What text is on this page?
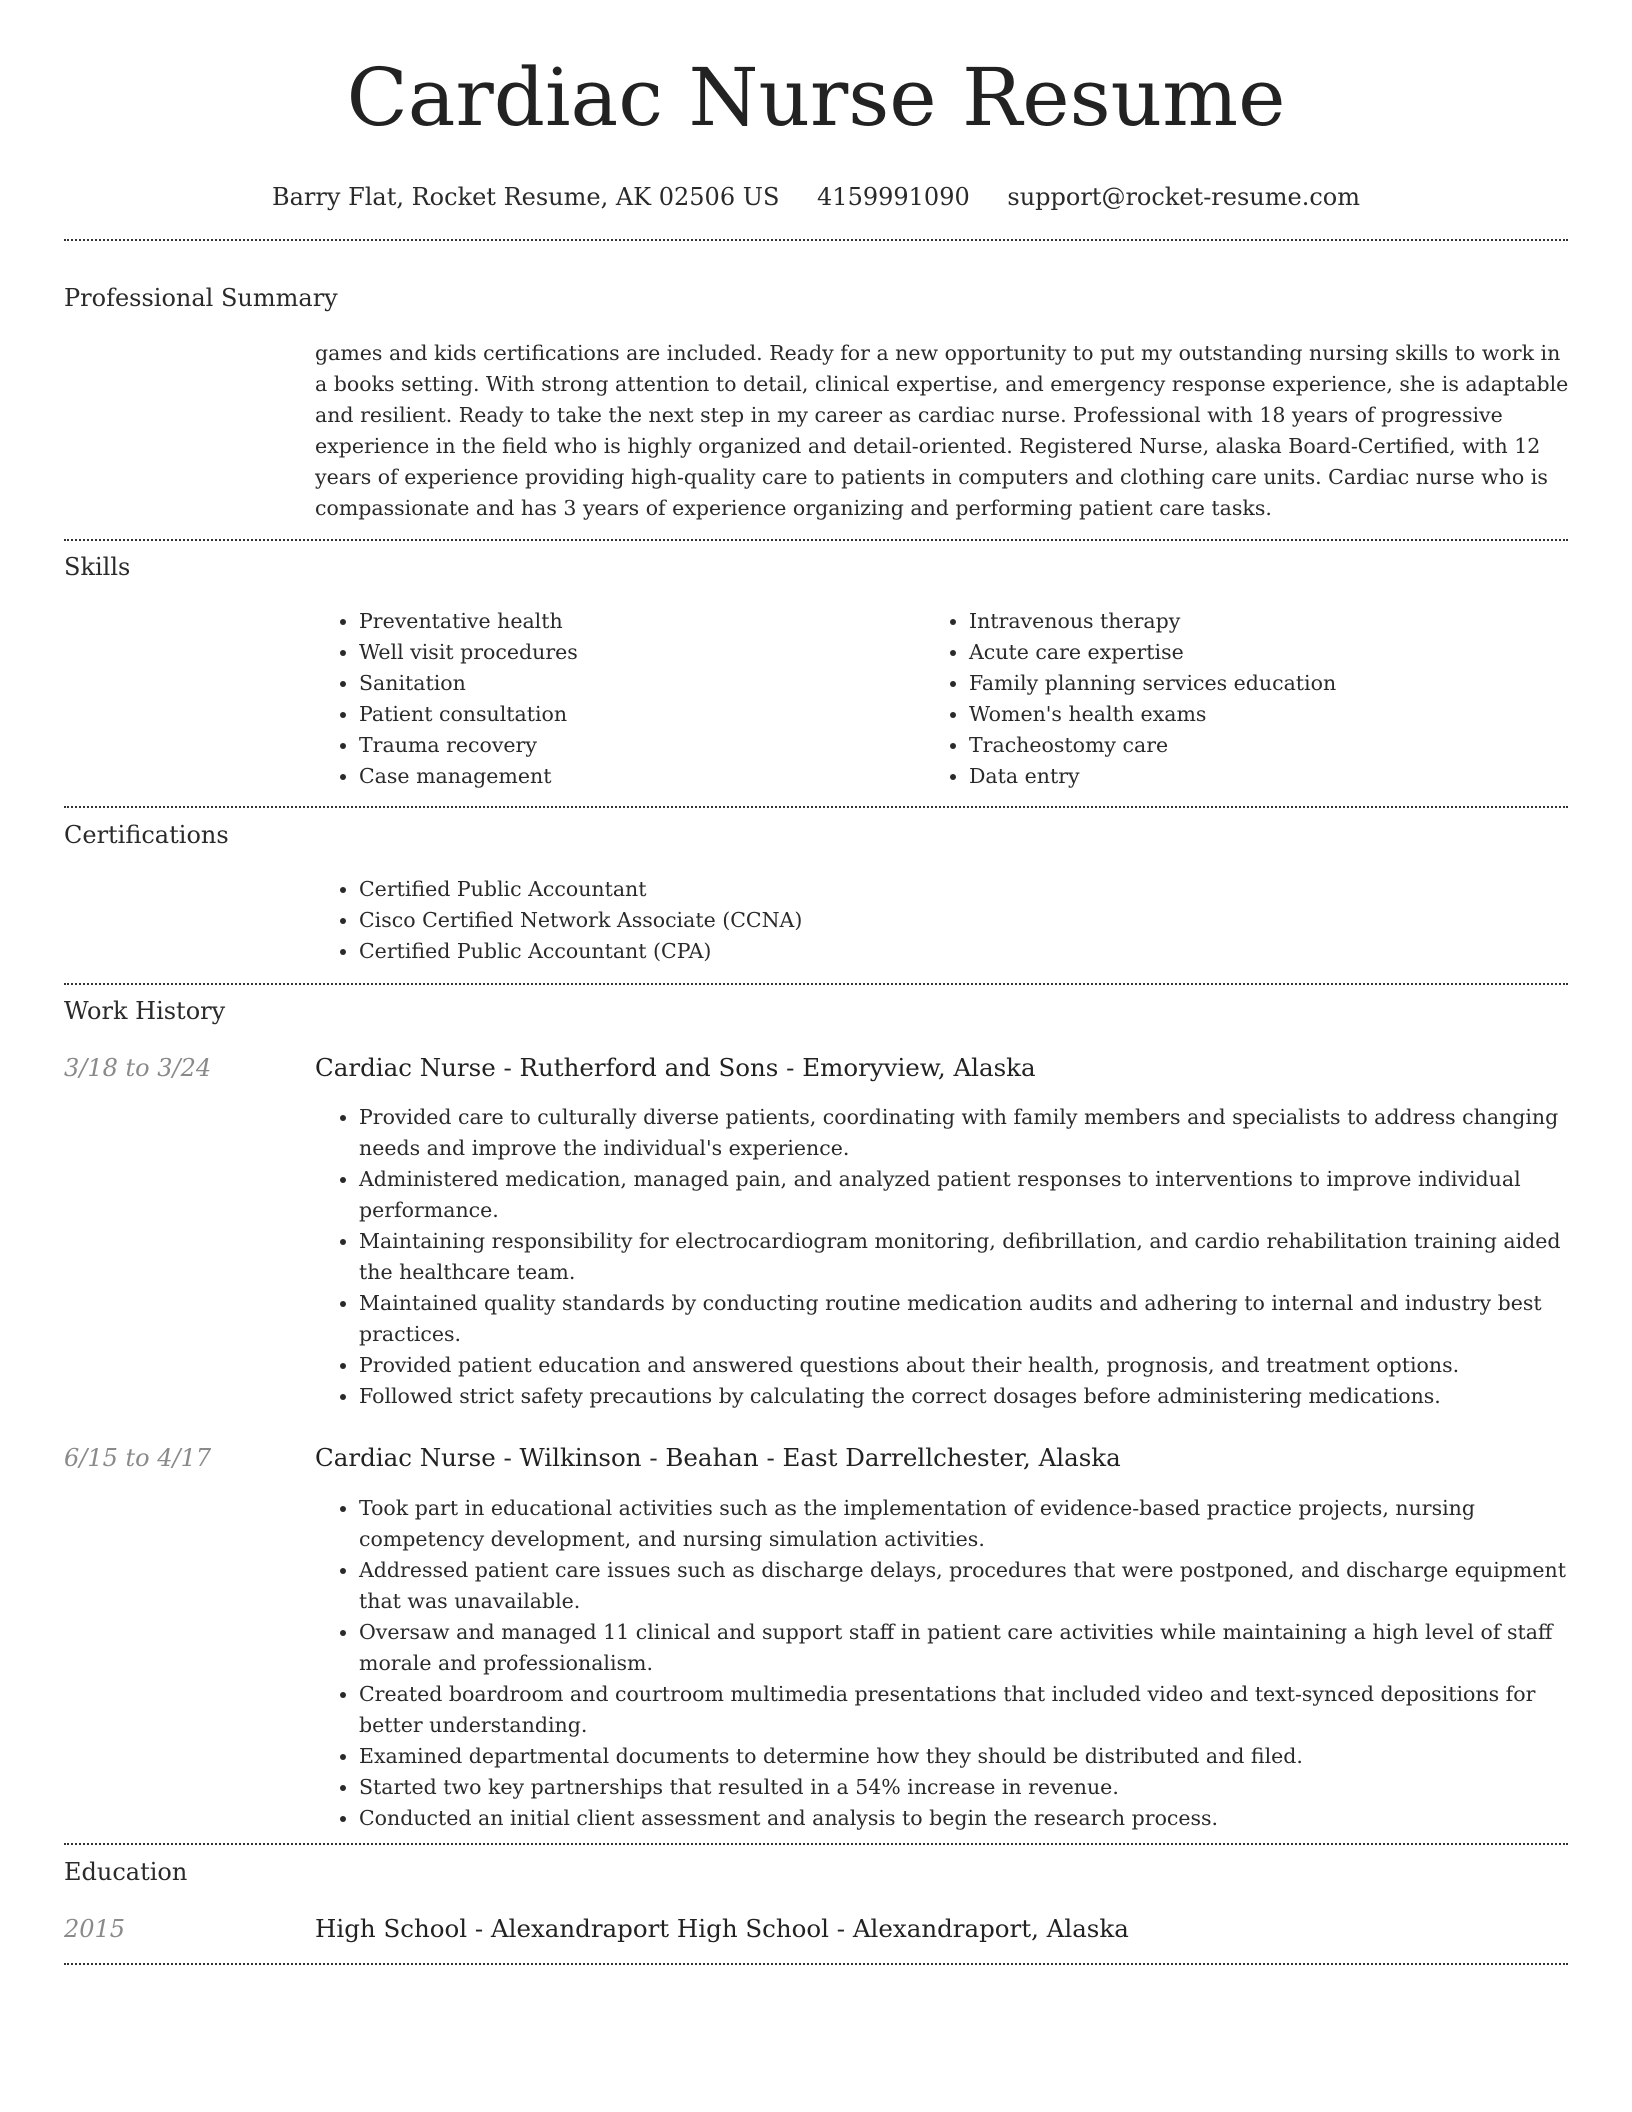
Cardiac Nurse Resume
Barry Flat, Rocket Resume, AK 02506 US 4159991090 support@rocket-resume.com
Professional Summary
games and kids certifications are included. Ready for a new opportunity to put my outstanding nursing skills to work in a books setting. With strong attention to detail, clinical expertise, and emergency response experience, she is adaptable and resilient. Ready to take the next step in my career as cardiac nurse. Professional with 18 years of progressive experience in the field who is highly organized and detail-oriented. Registered Nurse, alaska Board-Certified, with 12 years of experience providing high-quality care to patients in computers and clothing care units. Cardiac nurse who is compassionate and has 3 years of experience organizing and performing patient care tasks.
Skills
• Preventative health
• Well visit procedures
• Sanitation
• Patient consultation
• Trauma recovery
• Case management
• Intravenous therapy
• Acute care expertise
• Family planning services education
• Women's health exams
• Tracheostomy care
• Data entry
Certifications
• Certified Public Accountant
• Cisco Certified Network Associate (CCNA)
• Certified Public Accountant (CPA)
Work History
3/18 to 3/24	Cardiac Nurse - Rutherford and Sons - Emoryview, Alaska
• Provided care to culturally diverse patients, coordinating with family members and specialists to address changing needs and improve the individual's experience.
• Administered medication, managed pain, and analyzed patient responses to interventions to improve individual performance.
• Maintaining responsibility for electrocardiogram monitoring, defibrillation, and cardio rehabilitation training aided the healthcare team.
• Maintained quality standards by conducting routine medication audits and adhering to internal and industry best practices.
• Provided patient education and answered questions about their health, prognosis, and treatment options.
• Followed strict safety precautions by calculating the correct dosages before administering medications.
6/15 to 4/17	Cardiac Nurse - Wilkinson - Beahan - East Darrellchester, Alaska
• Took part in educational activities such as the implementation of evidence-based practice projects, nursing competency development, and nursing simulation activities.
• Addressed patient care issues such as discharge delays, procedures that were postponed, and discharge equipment that was unavailable.
• Oversaw and managed 11 clinical and support staff in patient care activities while maintaining a high level of staff morale and professionalism.
• Created boardroom and courtroom multimedia presentations that included video and text-synced depositions for better understanding.
• Examined departmental documents to determine how they should be distributed and filed.
• Started two key partnerships that resulted in a 54% increase in revenue.
• Conducted an initial client assessment and analysis to begin the research process.
Education
2015	High School - Alexandraport High School - Alexandraport, Alaska
